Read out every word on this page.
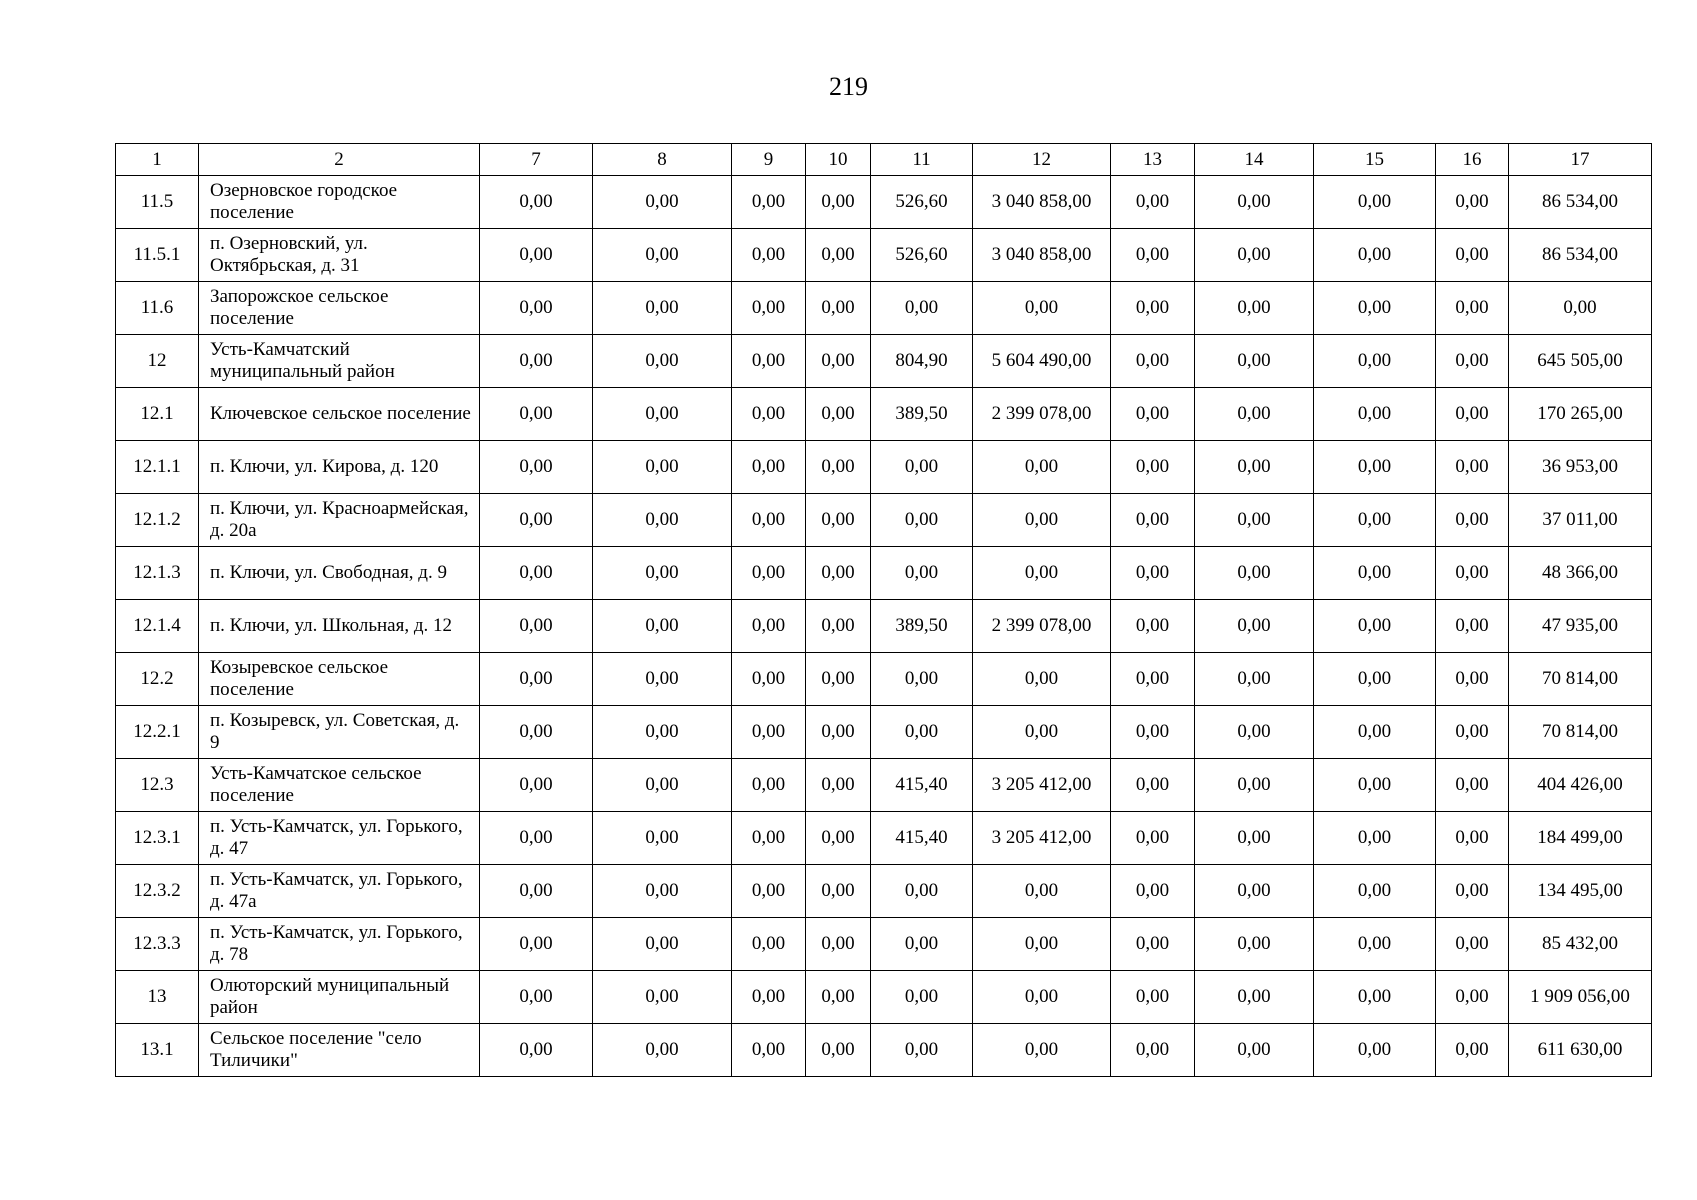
219
1	2	7	8	9	10	11	12	13	14	15	16	17
11.5	Озерновское городское поселение	0,00	0,00	0,00	0,00	526,60	3 040 858,00	0,00	0,00	0,00	0,00	86 534,00
11.5.1	п. Озерновский, ул. Октябрьская, д. 31	0,00	0,00	0,00	0,00	526,60	3 040 858,00	0,00	0,00	0,00	0,00	86 534,00
11.6	Запорожское сельское поселение	0,00	0,00	0,00	0,00	0,00	0,00	0,00	0,00	0,00	0,00	0,00
12	Усть-Камчатский муниципальный район	0,00	0,00	0,00	0,00	804,90	5 604 490,00	0,00	0,00	0,00	0,00	645 505,00
12.1	Ключевское сельское поселение	0,00	0,00	0,00	0,00	389,50	2 399 078,00	0,00	0,00	0,00	0,00	170 265,00
12.1.1	п. Ключи, ул. Кирова, д. 120	0,00	0,00	0,00	0,00	0,00	0,00	0,00	0,00	0,00	0,00	36 953,00
12.1.2	п. Ключи, ул. Красноармейская, д. 20а	0,00	0,00	0,00	0,00	0,00	0,00	0,00	0,00	0,00	0,00	37 011,00
12.1.3	п. Ключи, ул. Свободная, д. 9	0,00	0,00	0,00	0,00	0,00	0,00	0,00	0,00	0,00	0,00	48 366,00
12.1.4	п. Ключи, ул. Школьная, д. 12	0,00	0,00	0,00	0,00	389,50	2 399 078,00	0,00	0,00	0,00	0,00	47 935,00
12.2	Козыревское сельское поселение	0,00	0,00	0,00	0,00	0,00	0,00	0,00	0,00	0,00	0,00	70 814,00
12.2.1	п. Козыревск, ул. Советская, д. 9	0,00	0,00	0,00	0,00	0,00	0,00	0,00	0,00	0,00	0,00	70 814,00
12.3	Усть-Камчатское сельское поселение	0,00	0,00	0,00	0,00	415,40	3 205 412,00	0,00	0,00	0,00	0,00	404 426,00
12.3.1	п. Усть-Камчатск, ул. Горького, д. 47	0,00	0,00	0,00	0,00	415,40	3 205 412,00	0,00	0,00	0,00	0,00	184 499,00
12.3.2	п. Усть-Камчатск, ул. Горького, д. 47а	0,00	0,00	0,00	0,00	0,00	0,00	0,00	0,00	0,00	0,00	134 495,00
12.3.3	п. Усть-Камчатск, ул. Горького, д. 78	0,00	0,00	0,00	0,00	0,00	0,00	0,00	0,00	0,00	0,00	85 432,00
13	Олюторский муниципальный район	0,00	0,00	0,00	0,00	0,00	0,00	0,00	0,00	0,00	0,00	1 909 056,00
13.1	Сельское поселение "село Тиличики"	0,00	0,00	0,00	0,00	0,00	0,00	0,00	0,00	0,00	0,00	611 630,00
